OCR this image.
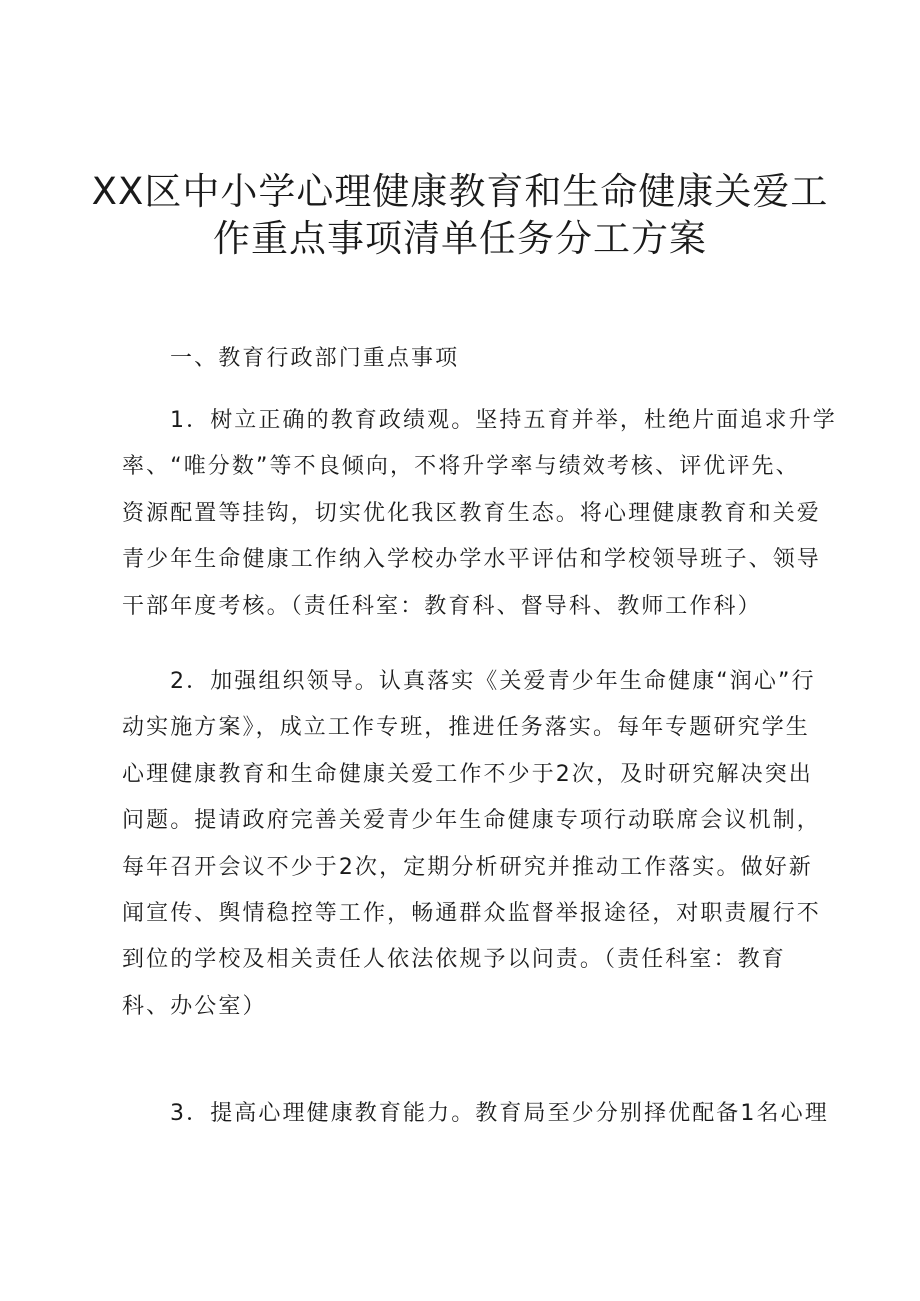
XX区中小学心理健康教育和生命健康关爱工
作重点事项清单任务分工方案

一、教育行政部门重点事项

1．树立正确的教育政绩观。坚持五育并举，杜绝片面追求升学
率、“唯分数”等不良倾向，不将升学率与绩效考核、评优评先、
资源配置等挂钩，切实优化我区教育生态。将心理健康教育和关爱
青少年生命健康工作纳入学校办学水平评估和学校领导班子、领导
干部年度考核。（责任科室：教育科、督导科、教师工作科）

2．加强组织领导。认真落实《关爱青少年生命健康“润心”行
动实施方案》，成立工作专班，推进任务落实。每年专题研究学生
心理健康教育和生命健康关爱工作不少于2次，及时研究解决突出
问题。提请政府完善关爱青少年生命健康专项行动联席会议机制，
每年召开会议不少于2次，定期分析研究并推动工作落实。做好新
闻宣传、舆情稳控等工作，畅通群众监督举报途径，对职责履行不
到位的学校及相关责任人依法依规予以问责。（责任科室：教育
科、办公室）

3．提高心理健康教育能力。教育局至少分别择优配备1名心理
